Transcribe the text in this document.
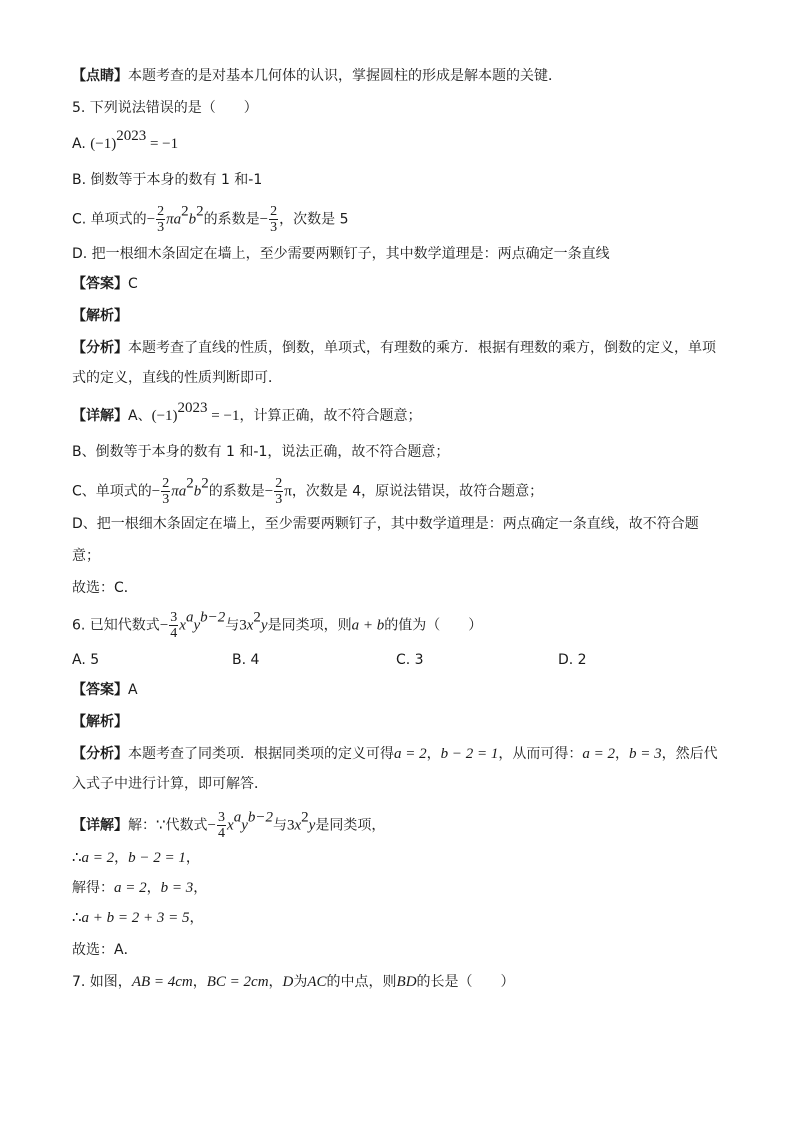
【点睛】本题考查的是对基本几何体的认识，掌握圆柱的形成是解本题的关键．
5. 下列说法错误的是（　　）
A. $(-1)^{2023} = -1$
B. 倒数等于本身的数有 1 和-1
C. 单项式的− $\frac{2}{3} \pi a^2b^2$的系数是− $\frac{2}{3}$ ，次数是 5
D. 把一根细木条固定在墙上，至少需要两颗钉子，其中数学道理是：两点确定一条直线
【答案】C
【解析】
【分析】本题考查了直线的性质，倒数，单项式，有理数的乘方．根据有理数的乘方，倒数的定义，单项
式的定义，直线的性质判断即可．
【详解】A、$(-1)^{2023} = -1$，计算正确，故不符合题意；
B、倒数等于本身的数有 1 和-1，说法正确，故不符合题意；
C、单项式的− $\frac{2}{3} \pi a^2b^2$的系数是− $\frac{2}{3}$ π，次数是 4，原说法错误，故符合题意；
D、把一根细木条固定在墙上，至少需要两颗钉子，其中数学道理是：两点确定一条直线，故不符合题
意；
故选：C．
6. 已知代数式− $\frac{3}{4} x^ay^{b-2}$与$3x^2y$是同类项，则a + b的值为（　　）
A. 5	B. 4	C. 3	D. 2
【答案】A
【解析】
【分析】本题考查了同类项．根据同类项的定义可得a = 2，b − 2 = 1，从而可得：a = 2，b = 3，然后代
入式子中进行计算，即可解答．
【详解】解：∵代数式− $\frac{3}{4} x^ay^{b-2}$与$3x^2y$是同类项，
∴a = 2，b − 2 = 1，
解得：a = 2，b = 3，
∴a + b = 2 + 3 = 5，
故选：A．
7. 如图，AB = 4cm，BC = 2cm，D为AC的中点，则BD的长是（　　）
